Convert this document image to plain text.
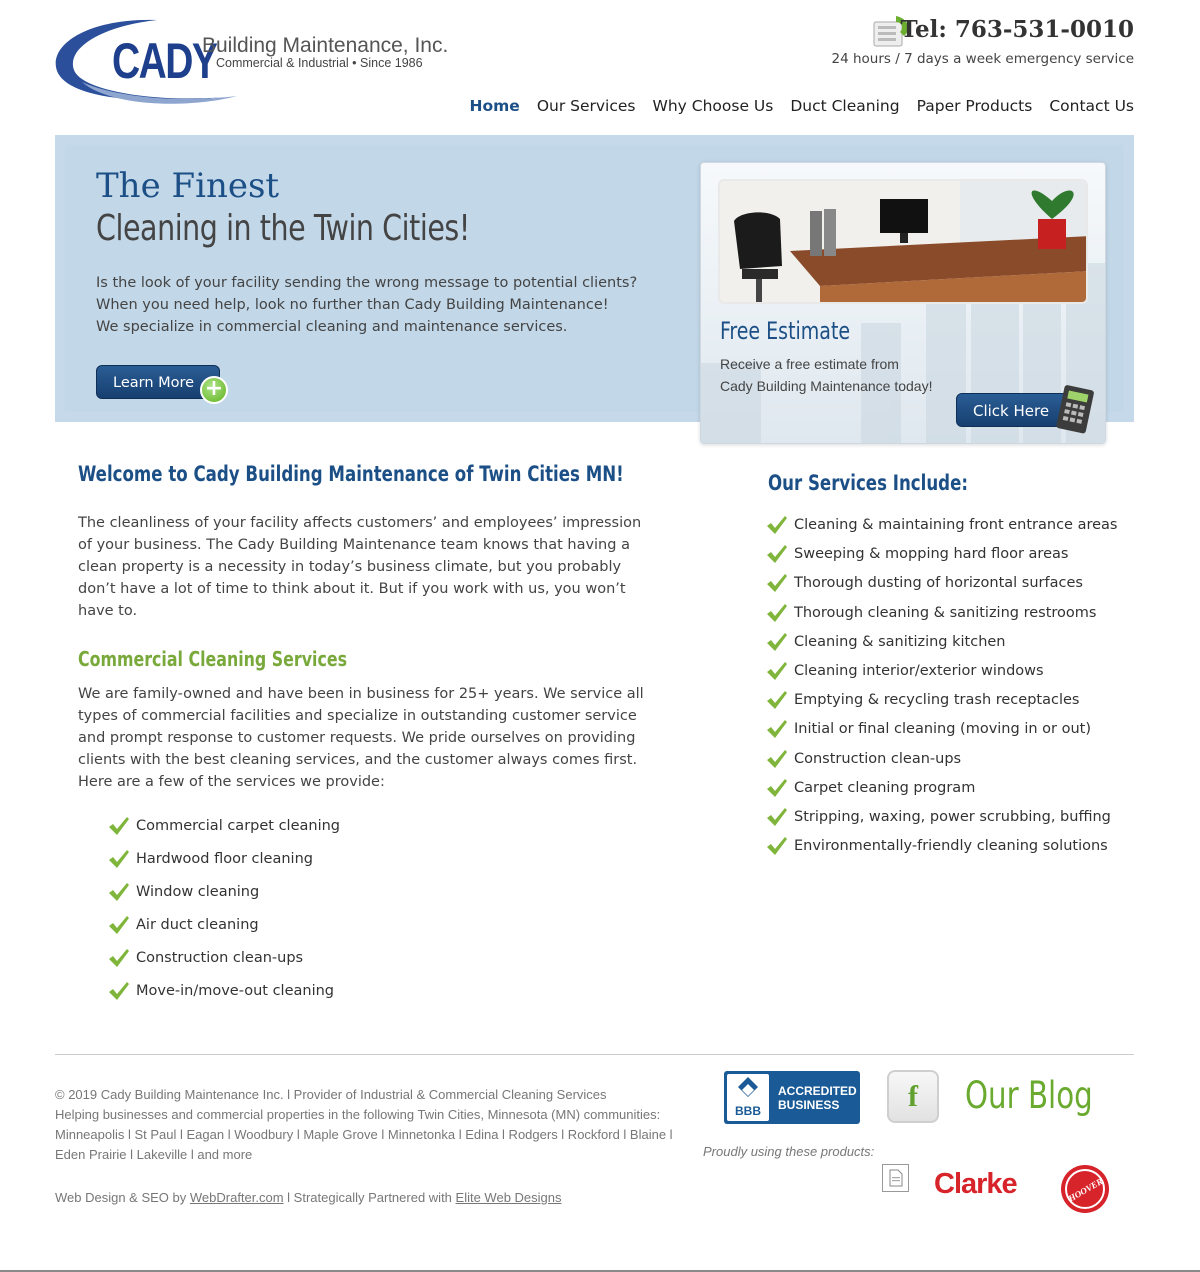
CADY
Building Maintenance, Inc.
Commercial & Industrial • Since 1986
Tel: 763-531-0010
24 hours / 7 days a week emergency service
Home Our Services Why Choose Us Duct Cleaning Paper Products Contact Us
The Finest
Cleaning in the Twin Cities!

Is the look of your facility sending the wrong message to potential clients?

When you need help, look no further than Cady Building Maintenance!

We specialize in commercial cleaning and maintenance services.

Learn More +
Free Estimate

Receive a free estimate from

Cady Building Maintenance today!

Click Here
Welcome to Cady Building Maintenance of Twin Cities MN!

The cleanliness of your facility affects customers’ and employees’ impression

of your business. The Cady Building Maintenance team knows that having a

clean property is a necessity in today’s business climate, but you probably

don’t have a lot of time to think about it. But if you work with us, you won’t

have to.

Commercial Cleaning Services

We are family-owned and have been in business for 25+ years. We service all

types of commercial facilities and specialize in outstanding customer service

and prompt response to customer requests. We pride ourselves on providing

clients with the best cleaning services, and the customer always comes first.

Here are a few of the services we provide:

Commercial carpet cleaning
Hardwood floor cleaning
Window cleaning
Air duct cleaning
Construction clean-ups
Move-in/move-out cleaning
Our Services Include:
Cleaning & maintaining front entrance areas
Sweeping & mopping hard floor areas
Thorough dusting of horizontal surfaces
Thorough cleaning & sanitizing restrooms
Cleaning & sanitizing kitchen
Cleaning interior/exterior windows
Emptying & recycling trash receptacles
Initial or final cleaning (moving in or out)
Construction clean-ups
Carpet cleaning program
Stripping, waxing, power scrubbing, buffing
Environmentally-friendly cleaning solutions

© 2019 Cady Building Maintenance Inc. l Provider of Industrial & Commercial Cleaning Services

Helping businesses and commercial properties in the following Twin Cities, Minnesota (MN) communities:

Minneapolis l St Paul l Eagan l Woodbury l Maple Grove l Minnetonka l Edina l Rodgers l Rockford l Blaine l

Eden Prairie l Lakeville l and more

Web Design & SEO by WebDrafter.com l Strategically Partnered with Elite Web Designs
BBB
ACCREDITED
BUSINESS	f	Our Blog
Proudly using these products:
Clarke	HOOVER
